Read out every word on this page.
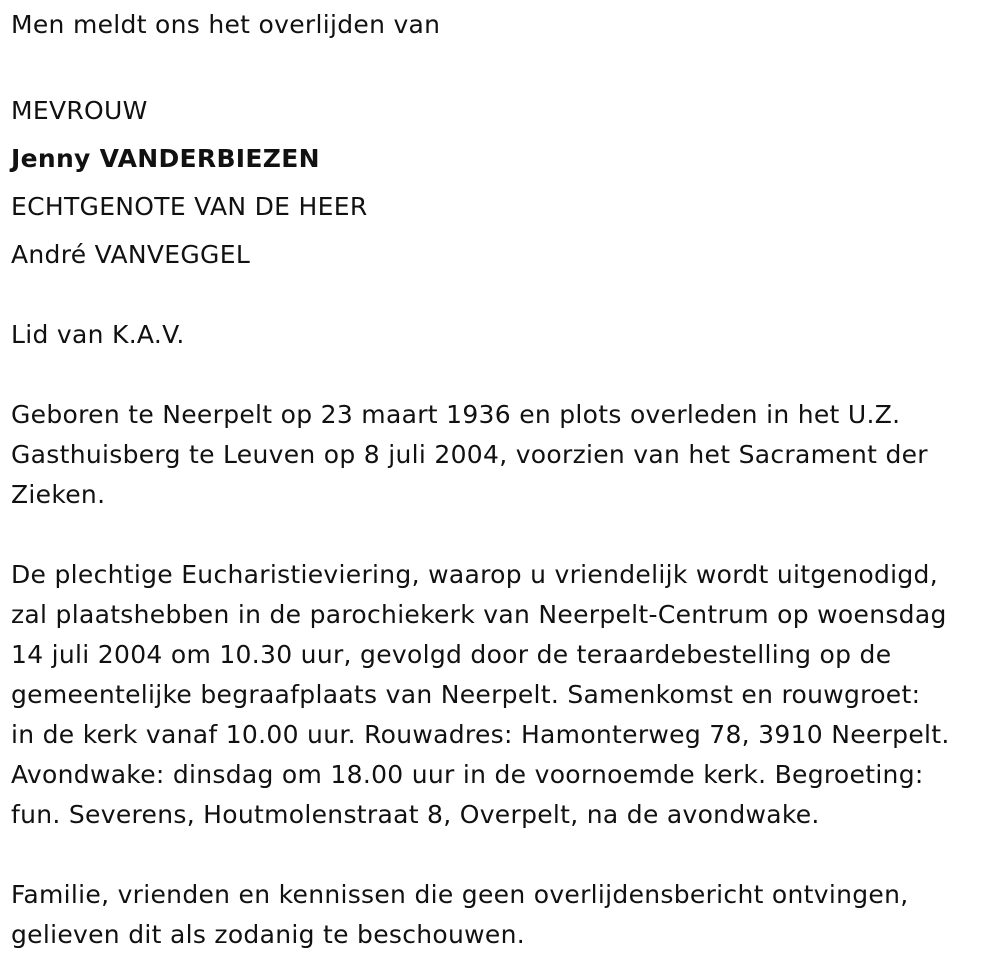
Men meldt ons het overlijden van
MEVROUW
Jenny VANDERBIEZEN
ECHTGENOTE VAN DE HEER
André VANVEGGEL
Lid van K.A.V.
Geboren te Neerpelt op 23 maart 1936 en plots overleden in het U.Z.
Gasthuisberg te Leuven op 8 juli 2004, voorzien van het Sacrament der
Zieken.
De plechtige Eucharistieviering, waarop u vriendelijk wordt uitgenodigd,
zal plaatshebben in de parochiekerk van Neerpelt-Centrum op woensdag
14 juli 2004 om 10.30 uur, gevolgd door de teraardebestelling op de
gemeentelijke begraafplaats van Neerpelt. Samenkomst en rouwgroet:
in de kerk vanaf 10.00 uur. Rouwadres: Hamonterweg 78, 3910 Neerpelt.
Avondwake: dinsdag om 18.00 uur in de voornoemde kerk. Begroeting:
fun. Severens, Houtmolenstraat 8, Overpelt, na de avondwake.
Familie, vrienden en kennissen die geen overlijdensbericht ontvingen,
gelieven dit als zodanig te beschouwen.
